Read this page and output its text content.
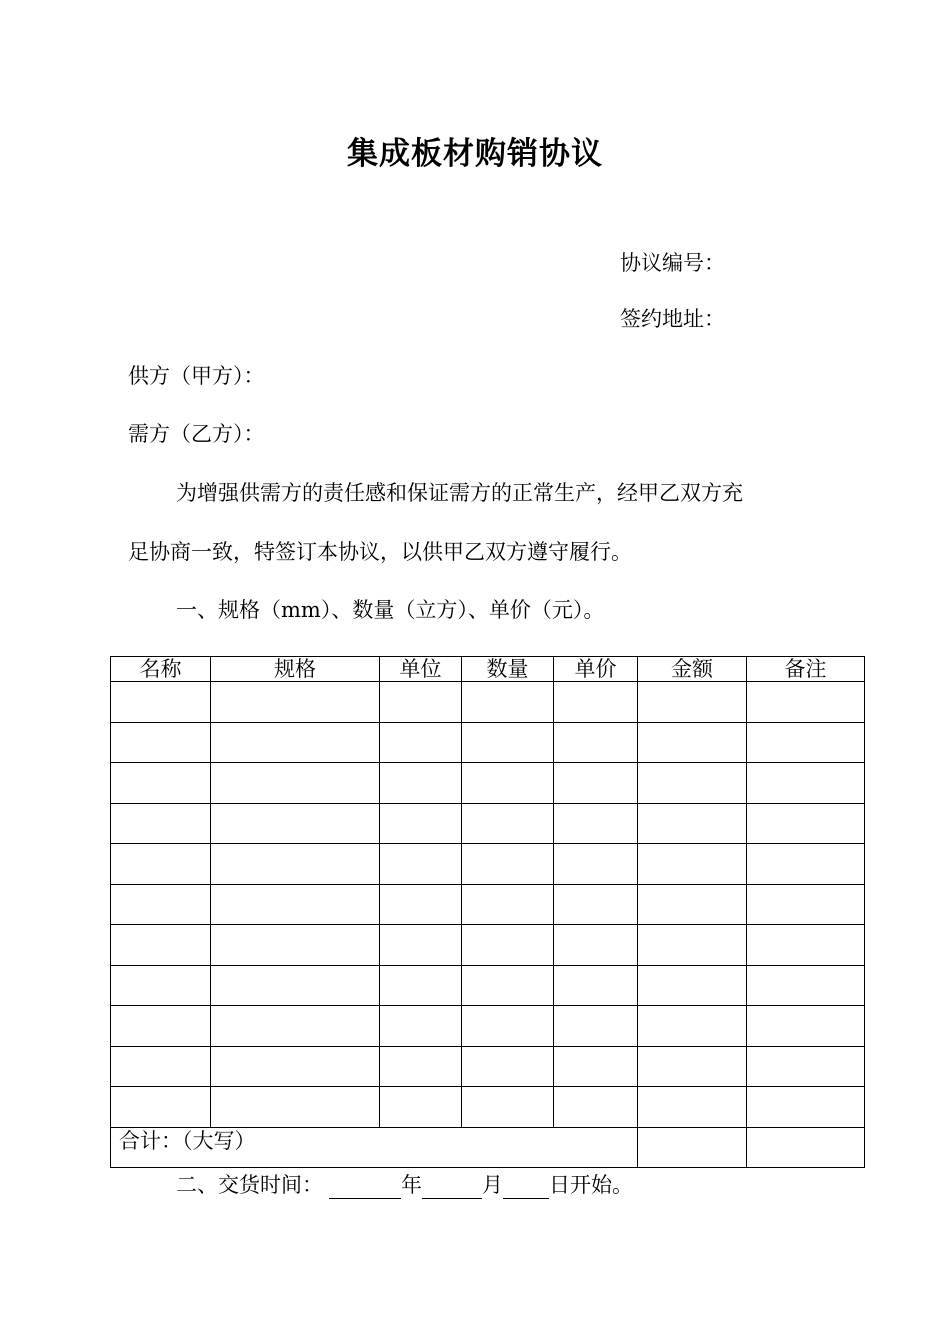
集成板材购销协议
协议编号：
签约地址：
供方（甲方）：
需方（乙方）：
为增强供需方的责任感和保证需方的正常生产，经甲乙双方充
足协商一致，特签订本协议，以供甲乙双方遵守履行。
一、规格（mm）、数量（立方）、单价（元）。
名称	规格	单位	数量	单价	金额	备注

合计：（大写）						
二、交货时间：	年	月 日开始。
